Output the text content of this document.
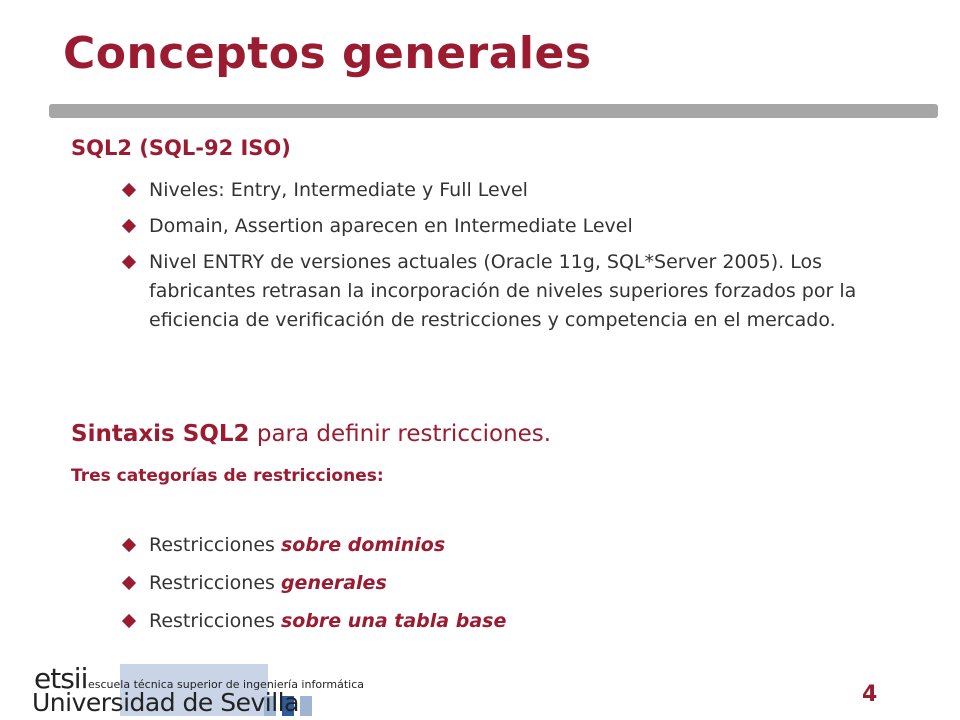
Conceptos generales
SQL2 (SQL-92 ISO)
Niveles: Entry, Intermediate y Full Level
Domain, Assertion aparecen en Intermediate Level
Nivel ENTRY de versiones actuales (Oracle 11g, SQL*Server 2005). Los fabricantes retrasan la incorporación de niveles superiores forzados por la eficiencia de verificación de restricciones y competencia en el mercado.
Sintaxis SQL2 para definir restricciones.
Tres categorías de restricciones:
Restricciones sobre dominios
Restricciones generales
Restricciones sobre una tabla base
etsii escuela técnica superior de ingeniería informática
Universidad de Sevilla	4
